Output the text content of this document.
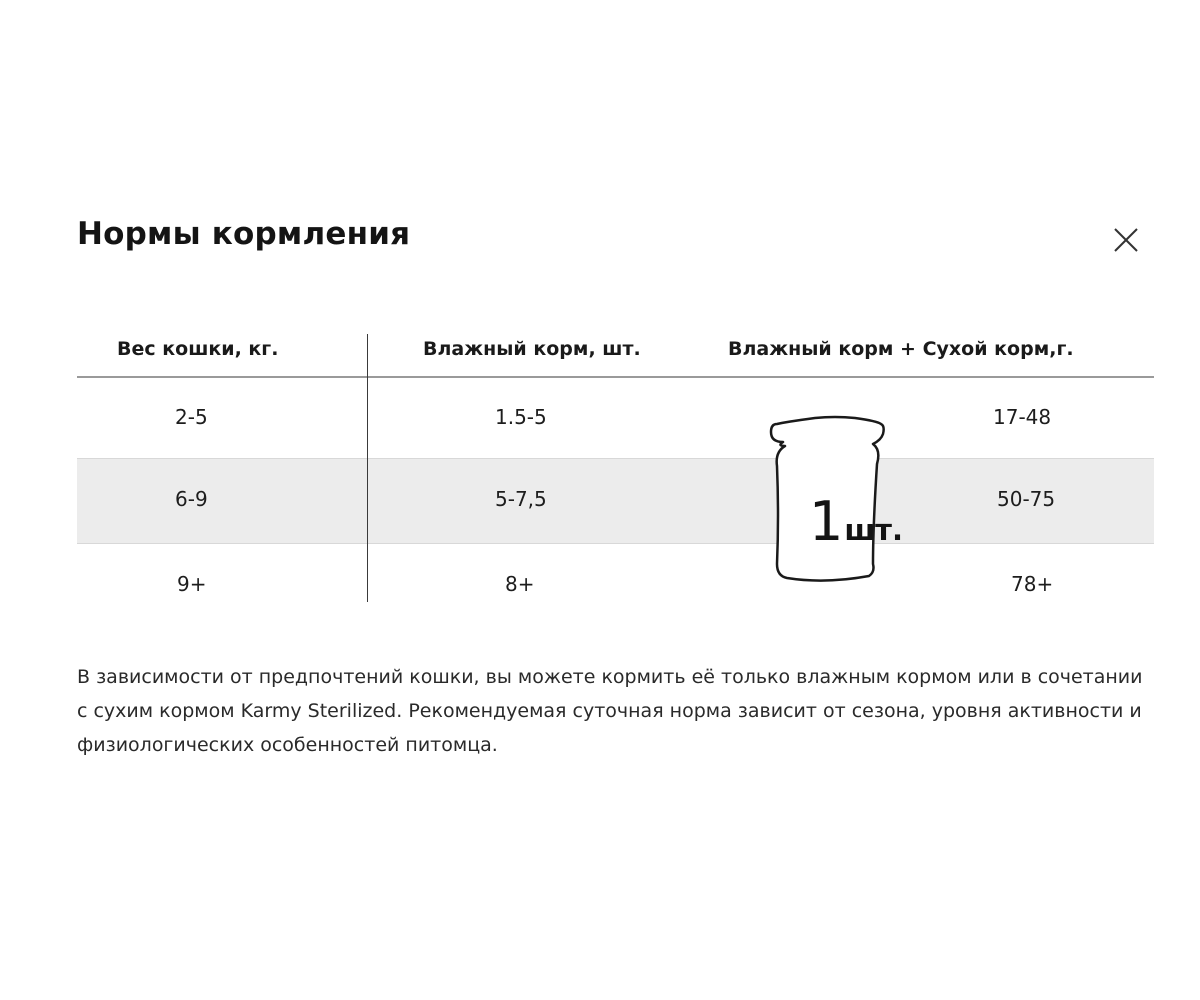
Нормы кормления
Вес кошки, кг.	Влажный корм, шт.	Влажный корм + Сухой корм,г.
2-5	1.5-5	17-48
6-9	5-7,5	50-75
9+	8+	78+
1шт.

В зависимости от предпочтений кошки, вы можете кормить её только влажным кормом или в сочетании с сухим кормом Karmy Sterilized. Рекомендуемая суточная норма зависит от сезона, уровня активности и физиологических особенностей питомца.
